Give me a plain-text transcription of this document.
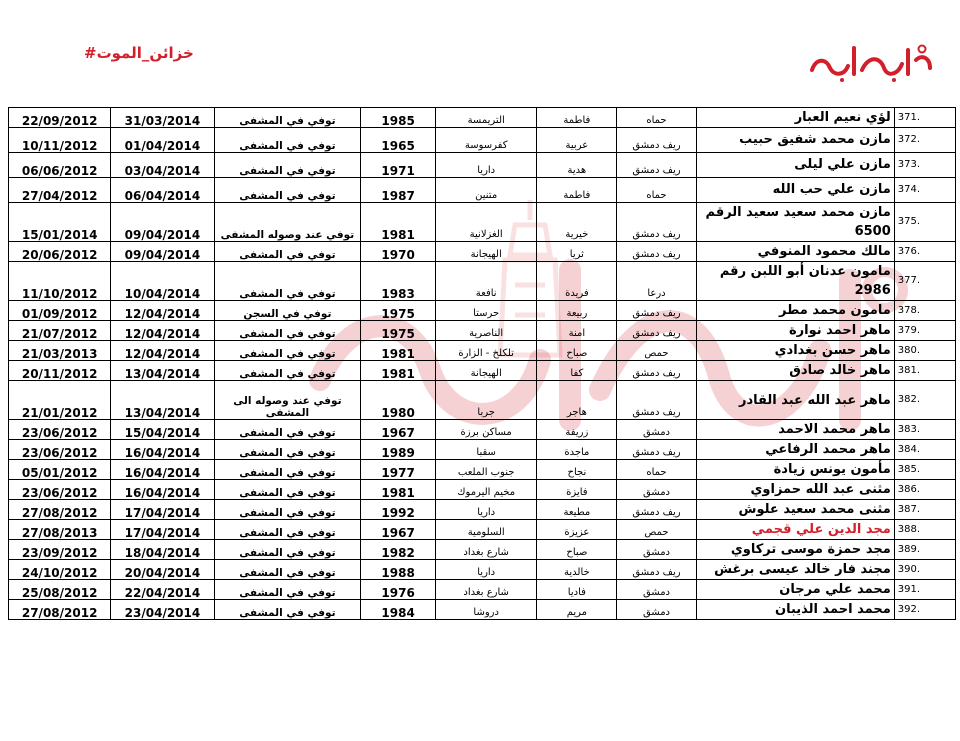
#خزائن_الموت
22/09/2012	31/03/2014	توفي في المشفى	1985	التريمسة	فاطمة	حماه	لؤي نعيم العبار	371.
10/11/2012	01/04/2014	توفي في المشفى	1965	كفرسوسة	عربية	ريف دمشق	مازن محمد شفيق حبيب	372.
06/06/2012	03/04/2014	توفي في المشفى	1971	داريا	هدية	ريف دمشق	مازن علي ليلى	373.
27/04/2012	06/04/2014	توفي في المشفى	1987	متنين	فاطمة	حماه	مازن علي حب الله	374.
15/01/2014	09/04/2014	توفي عند وصوله المشفى	1981	الغزلانية	خيرية	ريف دمشق	مازن محمد سعيد سعيد الرقم 6500	375.
20/06/2012	09/04/2014	توفي في المشفى	1970	الهيجانة	ثريا	ريف دمشق	مالك محمود المنوفي	376.
11/10/2012	10/04/2014	توفي في المشفى	1983	نافعة	فريدة	درعا	مامون عدنان أبو اللبن رقم 2986	377.
01/09/2012	12/04/2014	توفي في السجن	1975	حرستا	ربيعة	ريف دمشق	مامون محمد مطر	378.
21/07/2012	12/04/2014	توفي في المشفى	1975	الناصرية	امنة	ريف دمشق	ماهر احمد نوارة	379.
21/03/2013	12/04/2014	توفي في المشفى	1981	تلكلخ - الزارة	صباح	حمص	ماهر حسن بغدادي	380.
20/11/2012	13/04/2014	توفي في المشفى	1981	الهيجانة	كفا	ريف دمشق	ماهر خالد صادق	381.
21/01/2012	13/04/2014	توفي عند وصوله الى المشفى	1980	جربا	هاجر	ريف دمشق	ماهر عبد الله عبد القادر	382.
23/06/2012	15/04/2014	توفي في المشفى	1967	مساكن برزة	زريفة	دمشق	ماهر محمد الاحمد	383.
23/06/2012	16/04/2014	توفي في المشفى	1989	سقبا	ماجدة	ريف دمشق	ماهر محمد الرفاعي	384.
05/01/2012	16/04/2014	توفي في المشفى	1977	جنوب الملعب	نجاح	حماه	مأمون يونس زيادة	385.
23/06/2012	16/04/2014	توفي في المشفى	1981	مخيم اليرموك	فايزة	دمشق	مثنى عبد الله حمزاوي	386.
27/08/2012	17/04/2014	توفي في المشفى	1992	داريا	مطيعة	ريف دمشق	مثنى محمد سعيد علوش	387.
27/08/2013	17/04/2014	توفي في المشفى	1967	السلومية	عزيزة	حمص	مجد الدين علي قجمي	388.
23/09/2012	18/04/2014	توفي في المشفى	1982	شارع بغداد	صباح	دمشق	مجد حمزة موسى تركاوي	389.
24/10/2012	20/04/2014	توفي في المشفى	1988	داريا	خالدية	ريف دمشق	مجند فار خالد عيسى برغش	390.
25/08/2012	22/04/2014	توفي في المشفى	1976	شارع بغداد	فاديا	دمشق	محمد علي مرجان	391.
27/08/2012	23/04/2014	توفي في المشفى	1984	دروشا	مريم	دمشق	محمد احمد الذيبان	392.
